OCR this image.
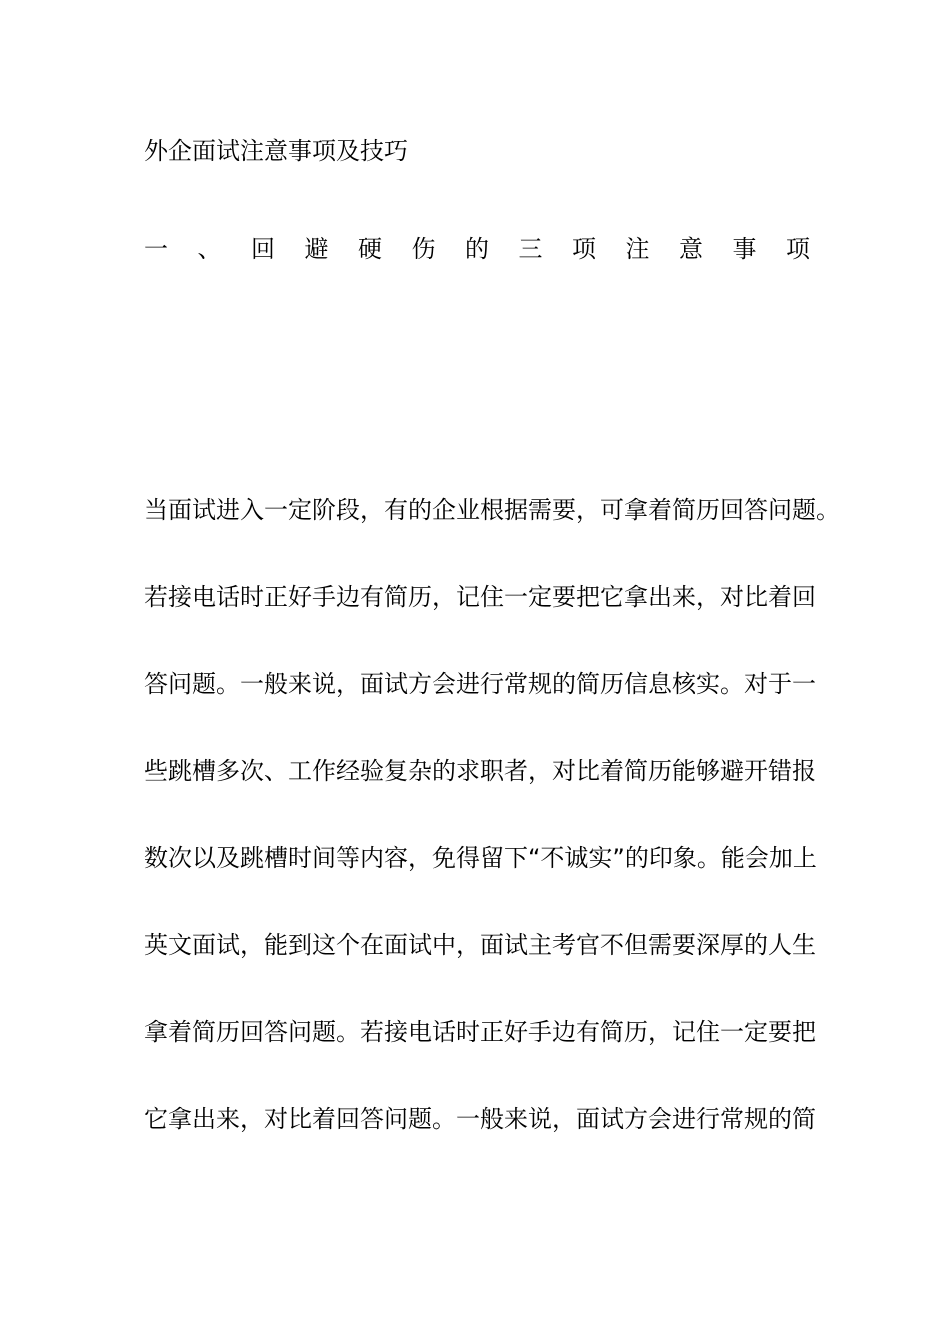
外企面试注意事项及技巧
一 、 回 避 硬 伤 的 三 项 注 意 事 项
当面试进入一定阶段，有的企业根据需要，可拿着简历回答问题。
若接电话时正好手边有简历，记住一定要把它拿出来，对比着回
答问题。一般来说，面试方会进行常规的简历信息核实。对于一
些跳槽多次、工作经验复杂的求职者，对比着简历能够避开错报
数次以及跳槽时间等内容，免得留下“不诚实”的印象。能会加上
英文面试，能到这个在面试中，面试主考官不但需要深厚的人生
拿着简历回答问题。若接电话时正好手边有简历，记住一定要把
它拿出来，对比着回答问题。一般来说，面试方会进行常规的简
